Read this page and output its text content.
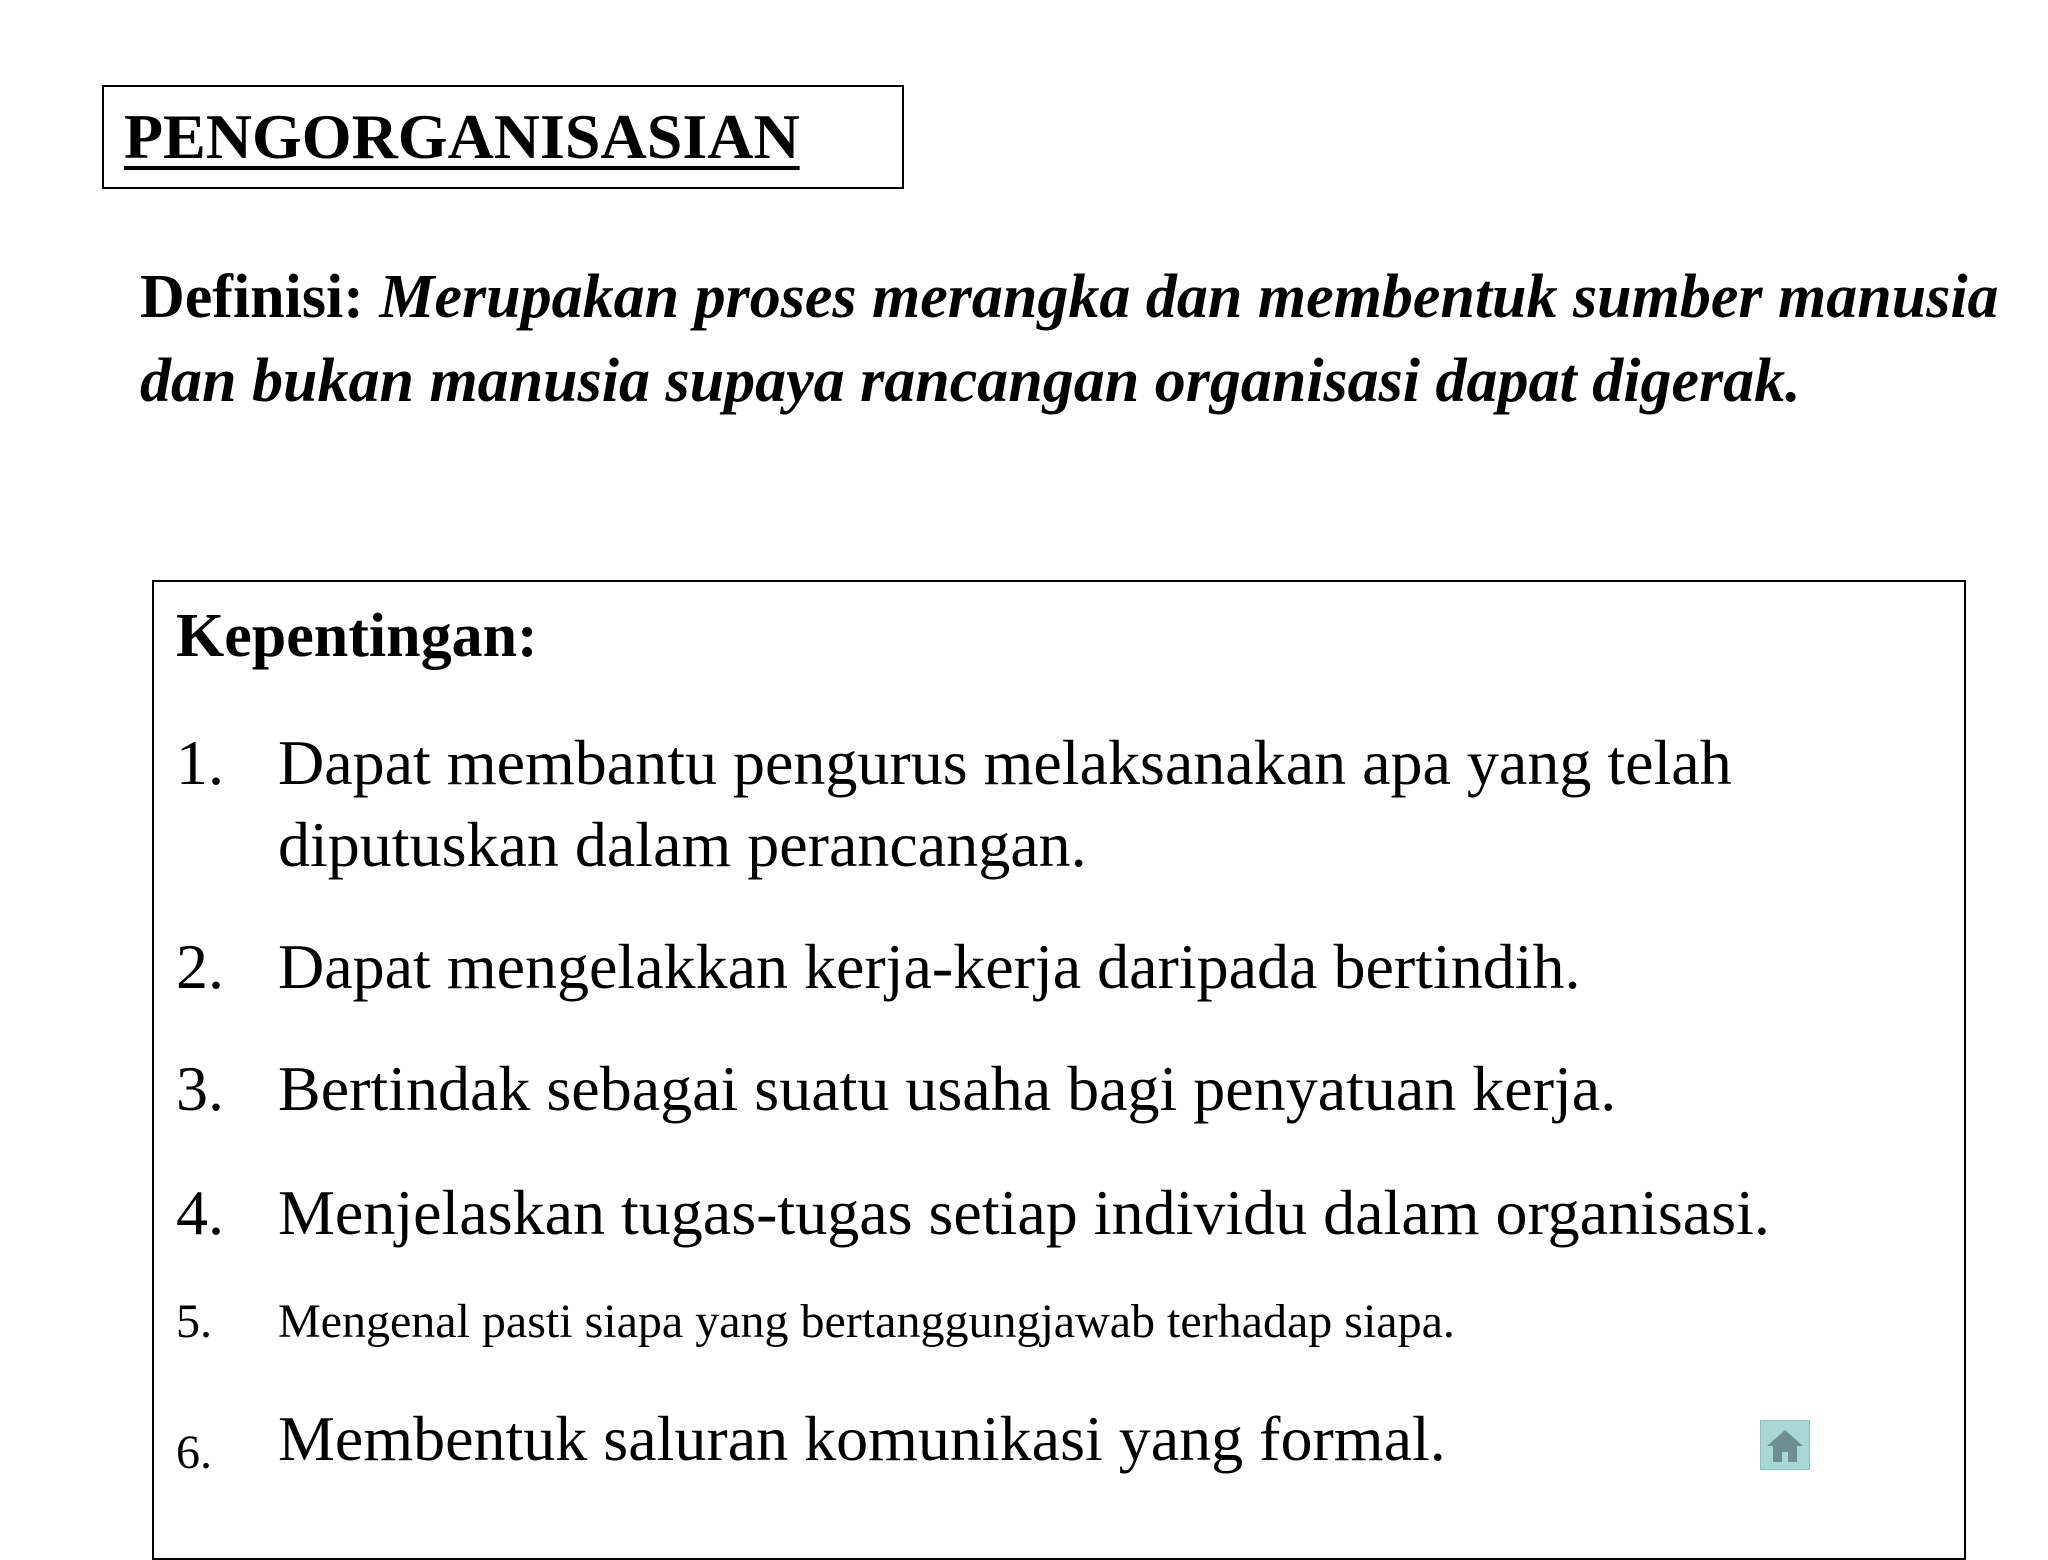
PENGORGANISASIAN
Definisi: Merupakan proses merangka dan membentuk sumber manusia dan bukan manusia supaya rancangan organisasi dapat digerak.
Kepentingan:
1. Dapat membantu pengurus melaksanakan apa yang telah diputuskan dalam perancangan.
2. Dapat mengelakkan kerja-kerja daripada bertindih.
3. Bertindak sebagai suatu usaha bagi penyatuan kerja.
4. Menjelaskan tugas-tugas setiap individu dalam organisasi.
5.	Mengenal pasti siapa yang bertanggungjawab terhadap siapa.
6.	Membentuk saluran komunikasi yang formal.
